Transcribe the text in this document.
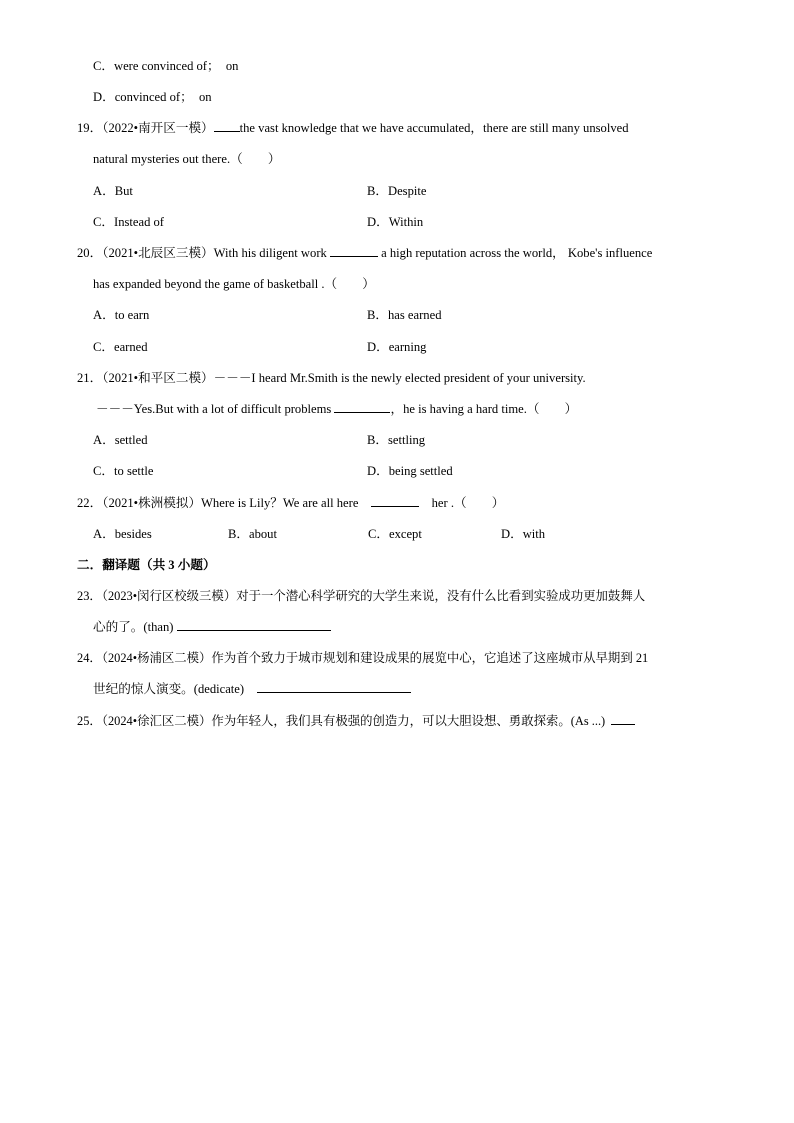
C．were convinced of；　on
D．convinced of；　on
19．（2022•南开区一模） the vast knowledge that we have accumulated，there are still many unsolved
natural mysteries out there.（　　）
A．But	B．Despite
C．Instead of	D．Within
20．（2021•北辰区三模）With his diligent work	a high reputation across the world， Kobe's influence
has expanded beyond the game of basketball .（　　）
A．to earn	B．has earned
C．earned	D．earning
21．（2021•和平区二模）－－－I heard Mr.Smith is the newly elected president of your university.
－－－Yes.But with a lot of difficult problems	，he is having a hard time.（　　）
A．settled	B．settling
C．to settle	D．being settled
22．（2021•株洲模拟）Where is Lily？We are all here	her .（　　）
A．besides	B．about	C．except	D．with
二．翻译题（共 3 小题）
23．（2023•闵行区校级三模）对于一个潜心科学研究的大学生来说，没有什么比看到实验成功更加鼓舞人
心的了。(than)
24．（2024•杨浦区二模）作为首个致力于城市规划和建设成果的展览中心，它追述了这座城市从早期到 21
世纪的惊人演变。(dedicate)
25．（2024•徐汇区二模）作为年轻人，我们具有极强的创造力，可以大胆设想、勇敢探索。(As ...)
